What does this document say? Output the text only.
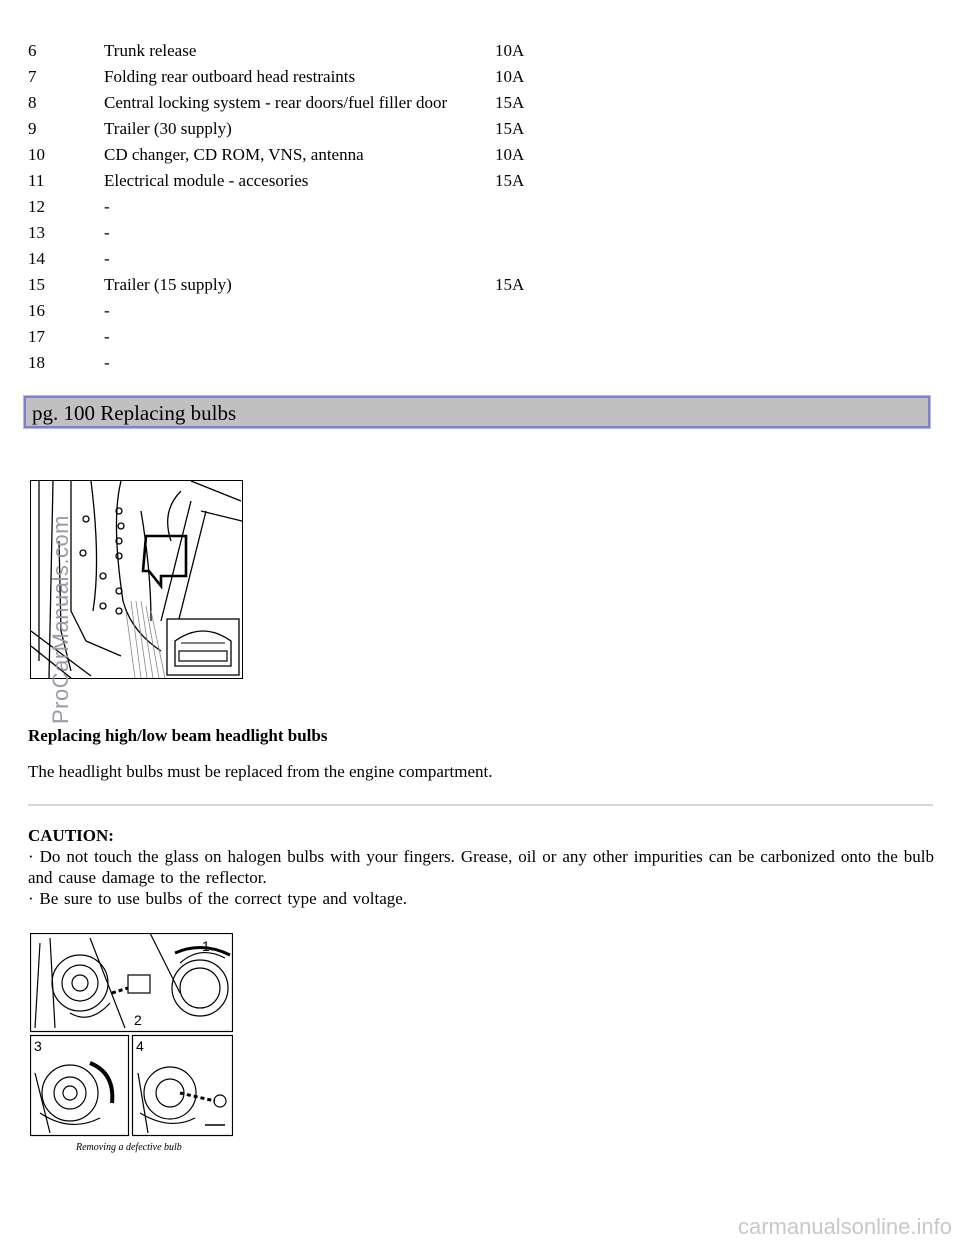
6	Trunk release	10A
7	Folding rear outboard head restraints	10A
8	Central locking system - rear doors/fuel filler door	15A
9	Trailer (30 supply)	15A
10	CD changer, CD ROM, VNS, antenna	10A
11	Electrical module - accesories	15A
12	-	
13	-	
14	-	
15	Trailer (15 supply)	15A
16	-	
17	-	
18	-	
pg. 100 Replacing bulbs
ProCarManuals.com
Replacing high/low beam headlight bulbs
The headlight bulbs must be replaced from the engine compartment.
CAUTION:
· Do not touch the glass on halogen bulbs with your fingers. Grease, oil or any other impurities can be carbonized onto the bulb and cause damage to the reflector.
· Be sure to use bulbs of the correct type and voltage.
1
2
3	4
Removing a defective bulb
carmanualsonline.info
